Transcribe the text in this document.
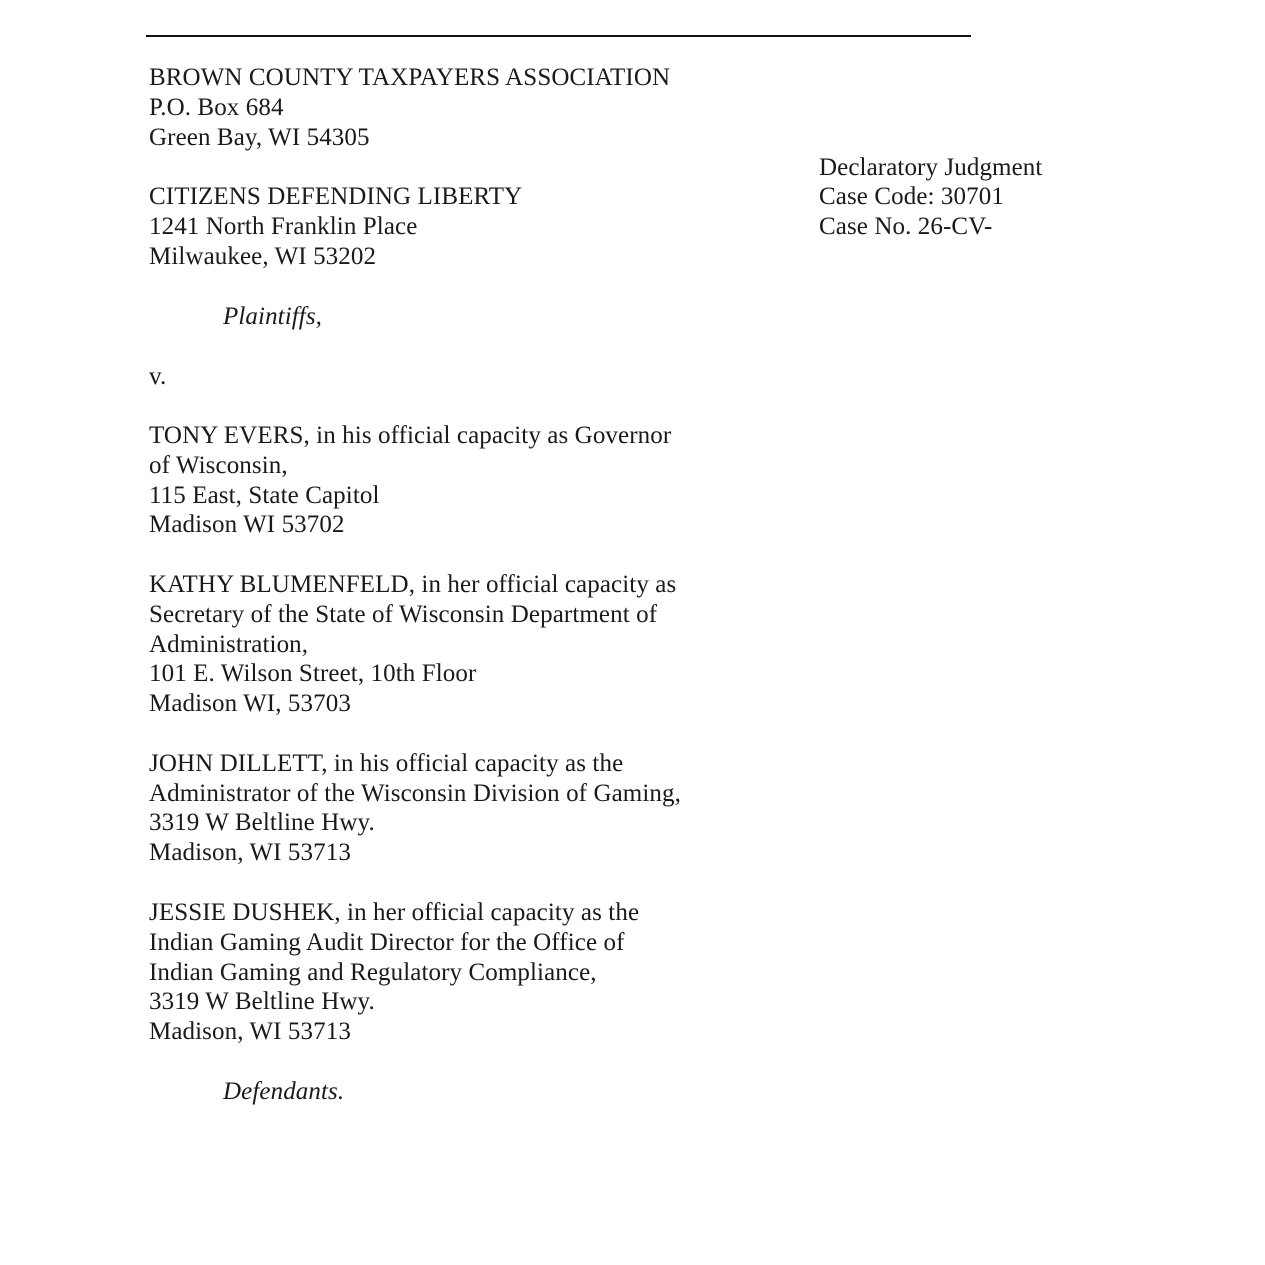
BROWN COUNTY TAXPAYERS ASSOCIATION
P.O. Box 684
Green Bay, WI 54305
Declaratory Judgment
Case Code: 30701
Case No. 26-CV-
CITIZENS DEFENDING LIBERTY
1241 North Franklin Place
Milwaukee, WI 53202
Plaintiffs,
v.
TONY EVERS, in his official capacity as Governor
of Wisconsin,
115 East, State Capitol
Madison WI 53702
KATHY BLUMENFELD, in her official capacity as
Secretary of the State of Wisconsin Department of
Administration,
101 E. Wilson Street, 10th Floor
Madison WI, 53703
JOHN DILLETT, in his official capacity as the
Administrator of the Wisconsin Division of Gaming,
3319 W Beltline Hwy.
Madison, WI 53713
JESSIE DUSHEK, in her official capacity as the
Indian Gaming Audit Director for the Office of
Indian Gaming and Regulatory Compliance,
3319 W Beltline Hwy.
Madison, WI 53713
Defendants.
